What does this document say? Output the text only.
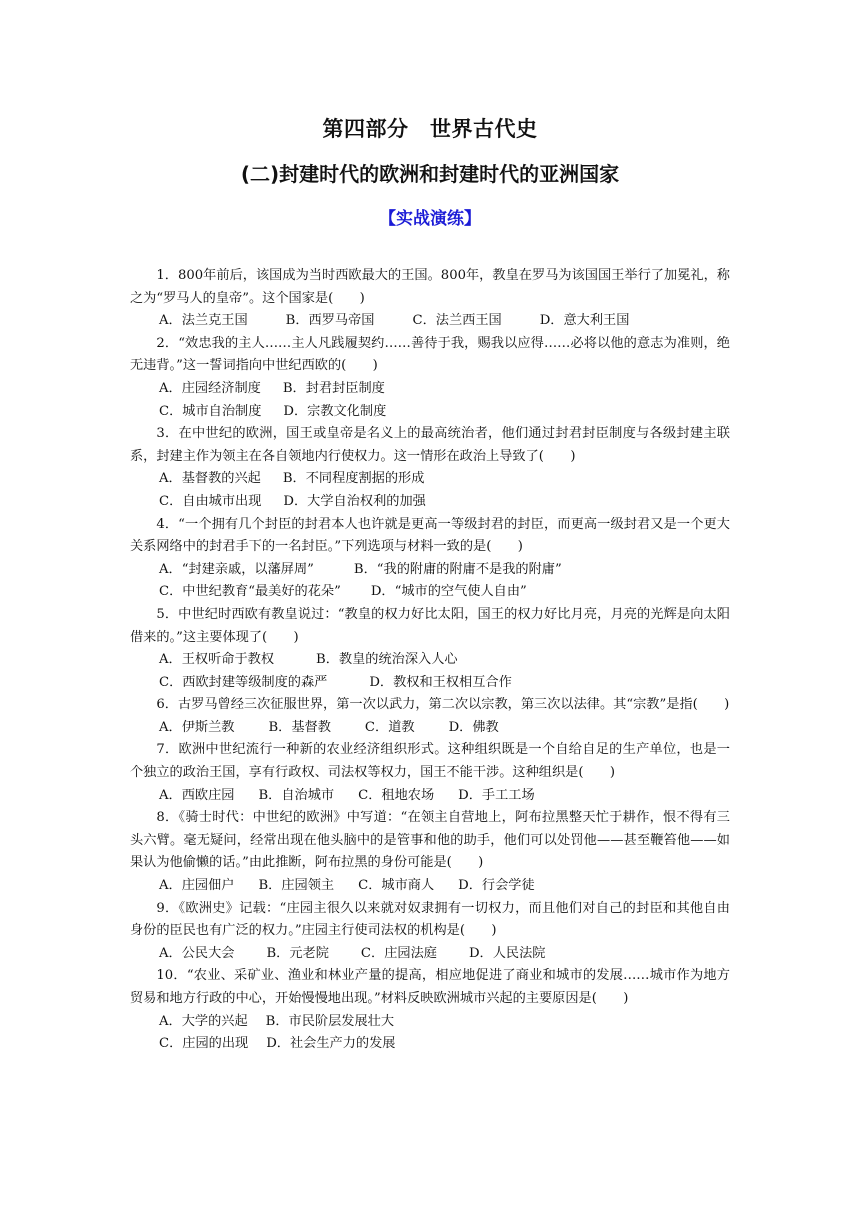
第四部分　世界古代史
(二)封建时代的欧洲和封建时代的亚洲国家
【实战演练】

1．800年前后，该国成为当时西欧最大的王国。800年，教皇在罗马为该国国王举行了加冕礼，称之为“罗马人的皇帝”。这个国家是(　　)

A．法兰克王国	B．西罗马帝国	C．法兰西王国	D．意大利王国

2．“效忠我的主人……主人凡践履契约……善待于我，赐我以应得……必将以他的意志为准则，绝无违背。”这一誓词指向中世纪西欧的(　　)

A．庄园经济制度 B．封君封臣制度

C．城市自治制度 D．宗教文化制度

3．在中世纪的欧洲，国王或皇帝是名义上的最高统治者，他们通过封君封臣制度与各级封建主联系，封建主作为领主在各自领地内行使权力。这一情形在政治上导致了(　　)

A．基督教的兴起 B．不同程度割据的形成

C．自由城市出现 D．大学自治权利的加强

4．“一个拥有几个封臣的封君本人也许就是更高一等级封君的封臣，而更高一级封君又是一个更大关系网络中的封君手下的一名封臣。”下列选项与材料一致的是(　　)

A．“封建亲戚，以藩屏周”	B．“我的附庸的附庸不是我的附庸”

C．中世纪教育“最美好的花朵” D．“城市的空气使人自由”

5．中世纪时西欧有教皇说过：“教皇的权力好比太阳，国王的权力好比月亮，月亮的光辉是向太阳借来的。”这主要体现了(　　)

A．王权听命于教权	B．教皇的统治深入人心

C．西欧封建等级制度的森严	D．教权和王权相互合作

6．古罗马曾经三次征服世界，第一次以武力，第二次以宗教，第三次以法律。其“宗教”是指(　　)

A．伊斯兰教	B．基督教	C．道教	D．佛教

7．欧洲中世纪流行一种新的农业经济组织形式。这种组织既是一个自给自足的生产单位，也是一个独立的政治王国，享有行政权、司法权等权力，国王不能干涉。这种组织是(　　)

A．西欧庄园 B．自治城市 C．租地农场 D．手工工场

8．《骑士时代：中世纪的欧洲》中写道：“在领主自营地上，阿布拉黑整天忙于耕作，恨不得有三头六臂。毫无疑问，经常出现在他头脑中的是管事和他的助手，他们可以处罚他——甚至鞭笞他——如果认为他偷懒的话。”由此推断，阿布拉黑的身份可能是(　　)

A．庄园佃户 B．庄园领主 C．城市商人 D．行会学徒

9．《欧洲史》记载：“庄园主很久以来就对奴隶拥有一切权力，而且他们对自己的封臣和其他自由身份的臣民也有广泛的权力。”庄园主行使司法权的机构是(　　)

A．公民大会 B．元老院 C．庄园法庭 D．人民法院

10．“农业、采矿业、渔业和林业产量的提高，相应地促进了商业和城市的发展……城市作为地方贸易和地方行政的中心，开始慢慢地出现。”材料反映欧洲城市兴起的主要原因是(　　)

A．大学的兴起 B．市民阶层发展壮大

C．庄园的出现 D．社会生产力的发展
